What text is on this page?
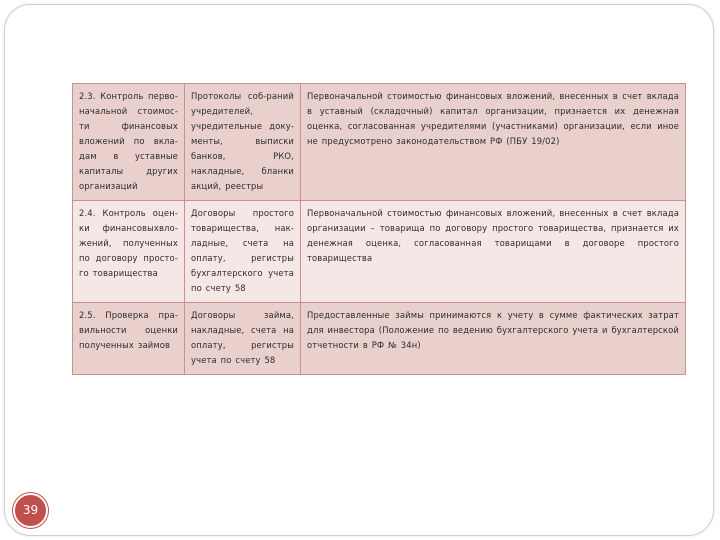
2.3. Контроль перво-начальной стоимос-ти финансовых вложений по вкла-дам в уставные капиталы других организаций	Протоколы соб-раний учредителей, учредительные доку-менты, выписки банков, РКО, накладные, бланки акций, реестры	Первоначальной стоимостью финансовых вложений, внесенных в счет вклада в уставный (складочный) капитал организации, признается их денежная оценка, согласованная учредителями (участниками) организации, если иное не предусмотрено законодательством РФ (ПБУ 19/02)
2.4. Контроль оцен-ки финансовыхвло-жений, полученных по договору просто-го товарищества	Договоры простого товарищества, нак-ладные, счета на оплату, регистры бухгалтерского учета по счету 58	Первоначальной стоимостью финансовых вложений, внесенных в счет вклада организации – товарища по договору простого товарищества, признается их денежная оценка, согласованная товарищами в договоре простого товарищества
2.5. Проверка пра-вильности оценки полученных займов	Договоры займа, накладные, счета на оплату, регистры учета по счету 58	Предоставленные займы принимаются к учету в сумме фактических затрат для инвестора (Положение по ведению бухгалтерского учета и бухгалтерской отчетности в РФ № 34н)
39
